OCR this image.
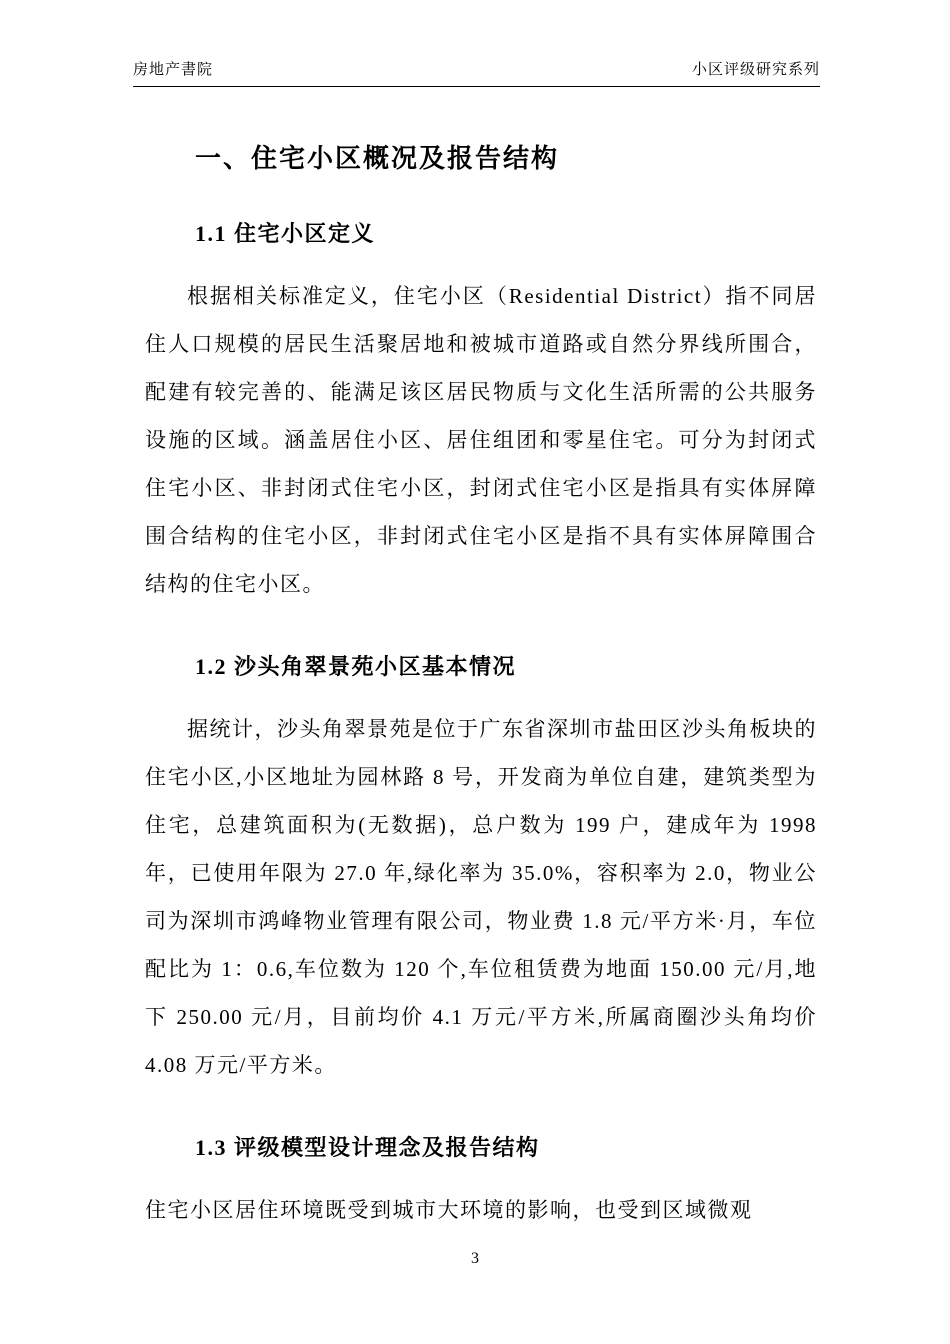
房地产書院	小区评级研究系列
一、住宅小区概况及报告结构
1.1 住宅小区定义

根据相关标准定义，住宅小区（Residential District）指不同居住人口规模的居民生活聚居地和被城市道路或自然分界线所围合，配建有较完善的、能满足该区居民物质与文化生活所需的公共服务设施的区域。涵盖居住小区、居住组团和零星住宅。可分为封闭式住宅小区、非封闭式住宅小区，封闭式住宅小区是指具有实体屏障围合结构的住宅小区，非封闭式住宅小区是指不具有实体屏障围合结构的住宅小区。

1.2 沙头角翠景苑小区基本情况

据统计，沙头角翠景苑是位于广东省深圳市盐田区沙头角板块的住宅小区,小区地址为园林路 8 号，开发商为单位自建，建筑类型为住宅，总建筑面积为(无数据)，总户数为 199 户，建成年为 1998 年，已使用年限为 27.0 年,绿化率为 35.0%，容积率为 2.0，物业公司为深圳市鸿峰物业管理有限公司，物业费 1.8 元/平方米·月，车位配比为 1：0.6,车位数为 120 个,车位租赁费为地面 150.00 元/月,地下 250.00 元/月，目前均价 4.1 万元/平方米,所属商圈沙头角均价 4.08 万元/平方米。

1.3 评级模型设计理念及报告结构

住宅小区居住环境既受到城市大环境的影响，也受到区域微观

3
